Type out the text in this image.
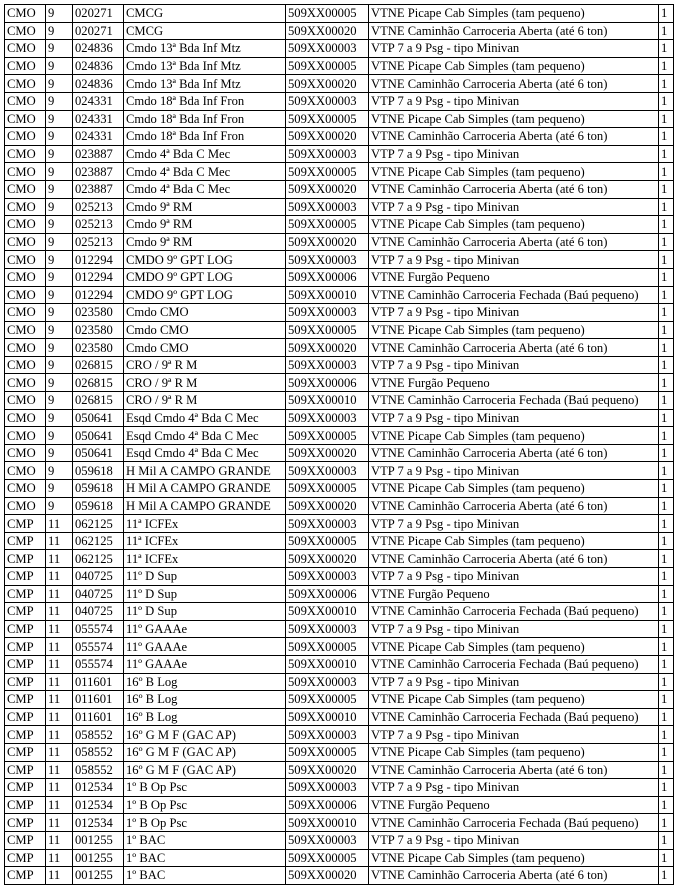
CMO	9	020271	CMCG	509XX00005	VTNE Picape Cab Simples (tam pequeno)	1
CMO	9	020271	CMCG	509XX00020	VTNE Caminhão Carroceria Aberta (até 6 ton)	1
CMO	9	024836	Cmdo 13ª Bda Inf Mtz	509XX00003	VTP 7 a 9 Psg - tipo Minivan	1
CMO	9	024836	Cmdo 13ª Bda Inf Mtz	509XX00005	VTNE Picape Cab Simples (tam pequeno)	1
CMO	9	024836	Cmdo 13ª Bda Inf Mtz	509XX00020	VTNE Caminhão Carroceria Aberta (até 6 ton)	1
CMO	9	024331	Cmdo 18ª Bda Inf Fron	509XX00003	VTP 7 a 9 Psg - tipo Minivan	1
CMO	9	024331	Cmdo 18ª Bda Inf Fron	509XX00005	VTNE Picape Cab Simples (tam pequeno)	1
CMO	9	024331	Cmdo 18ª Bda Inf Fron	509XX00020	VTNE Caminhão Carroceria Aberta (até 6 ton)	1
CMO	9	023887	Cmdo 4ª Bda C Mec	509XX00003	VTP 7 a 9 Psg - tipo Minivan	1
CMO	9	023887	Cmdo 4ª Bda C Mec	509XX00005	VTNE Picape Cab Simples (tam pequeno)	1
CMO	9	023887	Cmdo 4ª Bda C Mec	509XX00020	VTNE Caminhão Carroceria Aberta (até 6 ton)	1
CMO	9	025213	Cmdo 9ª RM	509XX00003	VTP 7 a 9 Psg - tipo Minivan	1
CMO	9	025213	Cmdo 9ª RM	509XX00005	VTNE Picape Cab Simples (tam pequeno)	1
CMO	9	025213	Cmdo 9ª RM	509XX00020	VTNE Caminhão Carroceria Aberta (até 6 ton)	1
CMO	9	012294	CMDO 9º GPT LOG	509XX00003	VTP 7 a 9 Psg - tipo Minivan	1
CMO	9	012294	CMDO 9º GPT LOG	509XX00006	VTNE Furgão Pequeno	1
CMO	9	012294	CMDO 9º GPT LOG	509XX00010	VTNE Caminhão Carroceria Fechada (Baú pequeno)	1
CMO	9	023580	Cmdo CMO	509XX00003	VTP 7 a 9 Psg - tipo Minivan	1
CMO	9	023580	Cmdo CMO	509XX00005	VTNE Picape Cab Simples (tam pequeno)	1
CMO	9	023580	Cmdo CMO	509XX00020	VTNE Caminhão Carroceria Aberta (até 6 ton)	1
CMO	9	026815	CRO / 9ª R M	509XX00003	VTP 7 a 9 Psg - tipo Minivan	1
CMO	9	026815	CRO / 9ª R M	509XX00006	VTNE Furgão Pequeno	1
CMO	9	026815	CRO / 9ª R M	509XX00010	VTNE Caminhão Carroceria Fechada (Baú pequeno)	1
CMO	9	050641	Esqd Cmdo 4ª Bda C Mec	509XX00003	VTP 7 a 9 Psg - tipo Minivan	1
CMO	9	050641	Esqd Cmdo 4ª Bda C Mec	509XX00005	VTNE Picape Cab Simples (tam pequeno)	1
CMO	9	050641	Esqd Cmdo 4ª Bda C Mec	509XX00020	VTNE Caminhão Carroceria Aberta (até 6 ton)	1
CMO	9	059618	H Mil A CAMPO GRANDE	509XX00003	VTP 7 a 9 Psg - tipo Minivan	1
CMO	9	059618	H Mil A CAMPO GRANDE	509XX00005	VTNE Picape Cab Simples (tam pequeno)	1
CMO	9	059618	H Mil A CAMPO GRANDE	509XX00020	VTNE Caminhão Carroceria Aberta (até 6 ton)	1
CMP	11	062125	11ª ICFEx	509XX00003	VTP 7 a 9 Psg - tipo Minivan	1
CMP	11	062125	11ª ICFEx	509XX00005	VTNE Picape Cab Simples (tam pequeno)	1
CMP	11	062125	11ª ICFEx	509XX00020	VTNE Caminhão Carroceria Aberta (até 6 ton)	1
CMP	11	040725	11º D Sup	509XX00003	VTP 7 a 9 Psg - tipo Minivan	1
CMP	11	040725	11º D Sup	509XX00006	VTNE Furgão Pequeno	1
CMP	11	040725	11º D Sup	509XX00010	VTNE Caminhão Carroceria Fechada (Baú pequeno)	1
CMP	11	055574	11º GAAAe	509XX00003	VTP 7 a 9 Psg - tipo Minivan	1
CMP	11	055574	11º GAAAe	509XX00005	VTNE Picape Cab Simples (tam pequeno)	1
CMP	11	055574	11º GAAAe	509XX00010	VTNE Caminhão Carroceria Fechada (Baú pequeno)	1
CMP	11	011601	16º B Log	509XX00003	VTP 7 a 9 Psg - tipo Minivan	1
CMP	11	011601	16º B Log	509XX00005	VTNE Picape Cab Simples (tam pequeno)	1
CMP	11	011601	16º B Log	509XX00010	VTNE Caminhão Carroceria Fechada (Baú pequeno)	1
CMP	11	058552	16º G M F (GAC AP)	509XX00003	VTP 7 a 9 Psg - tipo Minivan	1
CMP	11	058552	16º G M F (GAC AP)	509XX00005	VTNE Picape Cab Simples (tam pequeno)	1
CMP	11	058552	16º G M F (GAC AP)	509XX00020	VTNE Caminhão Carroceria Aberta (até 6 ton)	1
CMP	11	012534	1º B Op Psc	509XX00003	VTP 7 a 9 Psg - tipo Minivan	1
CMP	11	012534	1º B Op Psc	509XX00006	VTNE Furgão Pequeno	1
CMP	11	012534	1º B Op Psc	509XX00010	VTNE Caminhão Carroceria Fechada (Baú pequeno)	1
CMP	11	001255	1º BAC	509XX00003	VTP 7 a 9 Psg - tipo Minivan	1
CMP	11	001255	1º BAC	509XX00005	VTNE Picape Cab Simples (tam pequeno)	1
CMP	11	001255	1º BAC	509XX00020	VTNE Caminhão Carroceria Aberta (até 6 ton)	1
